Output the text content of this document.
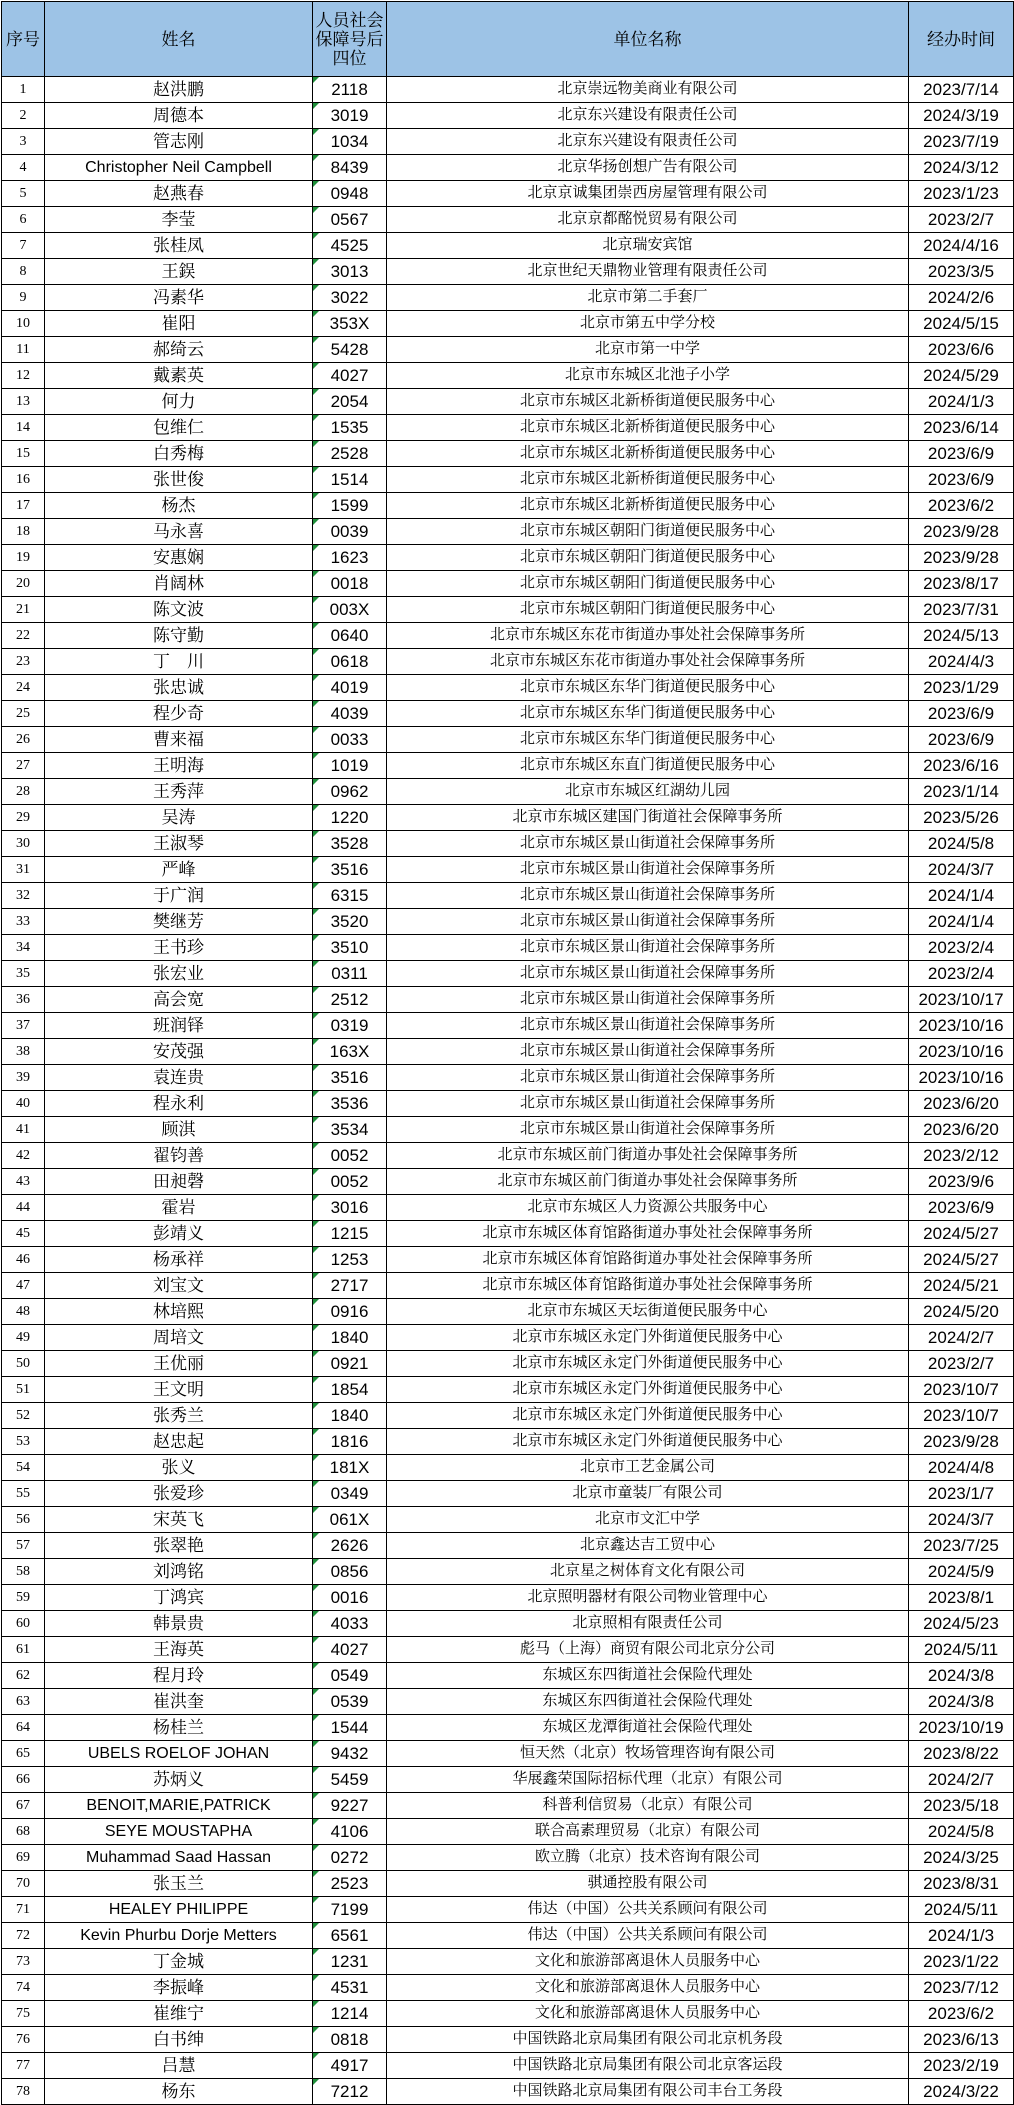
序号	姓名	人员社会
保障号后
四位	单位名称	经办时间
1	赵洪鹏	2118	北京崇远物美商业有限公司	2023/7/14
2	周德本	3019	北京东兴建设有限责任公司	2024/3/19
3	管志刚	1034	北京东兴建设有限责任公司	2023/7/19
4	Christopher Neil Campbell	8439	北京华扬创想广告有限公司	2024/3/12
5	赵燕春	0948	北京京诚集团崇西房屋管理有限公司	2023/1/23
6	李莹	0567	北京京都酩悦贸易有限公司	2023/2/7
7	张桂凤	4525	北京瑞安宾馆	2024/4/16
8	王鋘	3013	北京世纪天鼎物业管理有限责任公司	2023/3/5
9	冯素华	3022	北京市第二手套厂	2024/2/6
10	崔阳	353X	北京市第五中学分校	2024/5/15
11	郝绮云	5428	北京市第一中学	2023/6/6
12	戴素英	4027	北京市东城区北池子小学	2024/5/29
13	何力	2054	北京市东城区北新桥街道便民服务中心	2024/1/3
14	包维仁	1535	北京市东城区北新桥街道便民服务中心	2023/6/14
15	白秀梅	2528	北京市东城区北新桥街道便民服务中心	2023/6/9
16	张世俊	1514	北京市东城区北新桥街道便民服务中心	2023/6/9
17	杨杰	1599	北京市东城区北新桥街道便民服务中心	2023/6/2
18	马永喜	0039	北京市东城区朝阳门街道便民服务中心	2023/9/28
19	安惠娴	1623	北京市东城区朝阳门街道便民服务中心	2023/9/28
20	肖阔林	0018	北京市东城区朝阳门街道便民服务中心	2023/8/17
21	陈文波	003X	北京市东城区朝阳门街道便民服务中心	2023/7/31
22	陈守勤	0640	北京市东城区东花市街道办事处社会保障事务所	2024/5/13
23	丁　川	0618	北京市东城区东花市街道办事处社会保障事务所	2024/4/3
24	张忠诚	4019	北京市东城区东华门街道便民服务中心	2023/1/29
25	程少奇	4039	北京市东城区东华门街道便民服务中心	2023/6/9
26	曹来福	0033	北京市东城区东华门街道便民服务中心	2023/6/9
27	王明海	1019	北京市东城区东直门街道便民服务中心	2023/6/16
28	王秀萍	0962	北京市东城区红湖幼儿园	2023/1/14
29	吴涛	1220	北京市东城区建国门街道社会保障事务所	2023/5/26
30	王淑琴	3528	北京市东城区景山街道社会保障事务所	2024/5/8
31	严峰	3516	北京市东城区景山街道社会保障事务所	2024/3/7
32	于广润	6315	北京市东城区景山街道社会保障事务所	2024/1/4
33	樊继芳	3520	北京市东城区景山街道社会保障事务所	2024/1/4
34	王书珍	3510	北京市东城区景山街道社会保障事务所	2023/2/4
35	张宏业	0311	北京市东城区景山街道社会保障事务所	2023/2/4
36	高会宽	2512	北京市东城区景山街道社会保障事务所	2023/10/17
37	班润铎	0319	北京市东城区景山街道社会保障事务所	2023/10/16
38	安茂强	163X	北京市东城区景山街道社会保障事务所	2023/10/16
39	袁连贵	3516	北京市东城区景山街道社会保障事务所	2023/10/16
40	程永利	3536	北京市东城区景山街道社会保障事务所	2023/6/20
41	顾淇	3534	北京市东城区景山街道社会保障事务所	2023/6/20
42	翟钧善	0052	北京市东城区前门街道办事处社会保障事务所	2023/2/12
43	田昶磬	0052	北京市东城区前门街道办事处社会保障事务所	2023/9/6
44	霍岩	3016	北京市东城区人力资源公共服务中心	2023/6/9
45	彭靖义	1215	北京市东城区体育馆路街道办事处社会保障事务所	2024/5/27
46	杨承祥	1253	北京市东城区体育馆路街道办事处社会保障事务所	2024/5/27
47	刘宝文	2717	北京市东城区体育馆路街道办事处社会保障事务所	2024/5/21
48	林培熙	0916	北京市东城区天坛街道便民服务中心	2024/5/20
49	周培文	1840	北京市东城区永定门外街道便民服务中心	2024/2/7
50	王优丽	0921	北京市东城区永定门外街道便民服务中心	2023/2/7
51	王文明	1854	北京市东城区永定门外街道便民服务中心	2023/10/7
52	张秀兰	1840	北京市东城区永定门外街道便民服务中心	2023/10/7
53	赵忠起	1816	北京市东城区永定门外街道便民服务中心	2023/9/28
54	张义	181X	北京市工艺金属公司	2024/4/8
55	张爱珍	0349	北京市童装厂有限公司	2023/1/7
56	宋英飞	061X	北京市文汇中学	2024/3/7
57	张翠艳	2626	北京鑫达吉工贸中心	2023/7/25
58	刘鸿铭	0856	北京星之树体育文化有限公司	2024/5/9
59	丁鸿宾	0016	北京照明器材有限公司物业管理中心	2023/8/1
60	韩景贵	4033	北京照相有限责任公司	2024/5/23
61	王海英	4027	彪马（上海）商贸有限公司北京分公司	2024/5/11
62	程月玲	0549	东城区东四街道社会保险代理处	2024/3/8
63	崔洪奎	0539	东城区东四街道社会保险代理处	2024/3/8
64	杨桂兰	1544	东城区龙潭街道社会保险代理处	2023/10/19
65	UBELS ROELOF JOHAN	9432	恒天然（北京）牧场管理咨询有限公司	2023/8/22
66	苏炳义	5459	华展鑫荣国际招标代理（北京）有限公司	2024/2/7
67	BENOIT,MARIE,PATRICK	9227	科普利信贸易（北京）有限公司	2023/5/18
68	SEYE MOUSTAPHA	4106	联合高素理贸易（北京）有限公司	2024/5/8
69	Muhammad Saad Hassan	0272	欧立腾（北京）技术咨询有限公司	2024/3/25
70	张玉兰	2523	骐通控股有限公司	2023/8/31
71	HEALEY PHILIPPE	7199	伟达（中国）公共关系顾问有限公司	2024/5/11
72	Kevin Phurbu Dorje Metters	6561	伟达（中国）公共关系顾问有限公司	2024/1/3
73	丁金城	1231	文化和旅游部离退休人员服务中心	2023/1/22
74	李振峰	4531	文化和旅游部离退休人员服务中心	2023/7/12
75	崔维宁	1214	文化和旅游部离退休人员服务中心	2023/6/2
76	白书绅	0818	中国铁路北京局集团有限公司北京机务段	2023/6/13
77	吕慧	4917	中国铁路北京局集团有限公司北京客运段	2023/2/19
78	杨东	7212	中国铁路北京局集团有限公司丰台工务段	2024/3/22
